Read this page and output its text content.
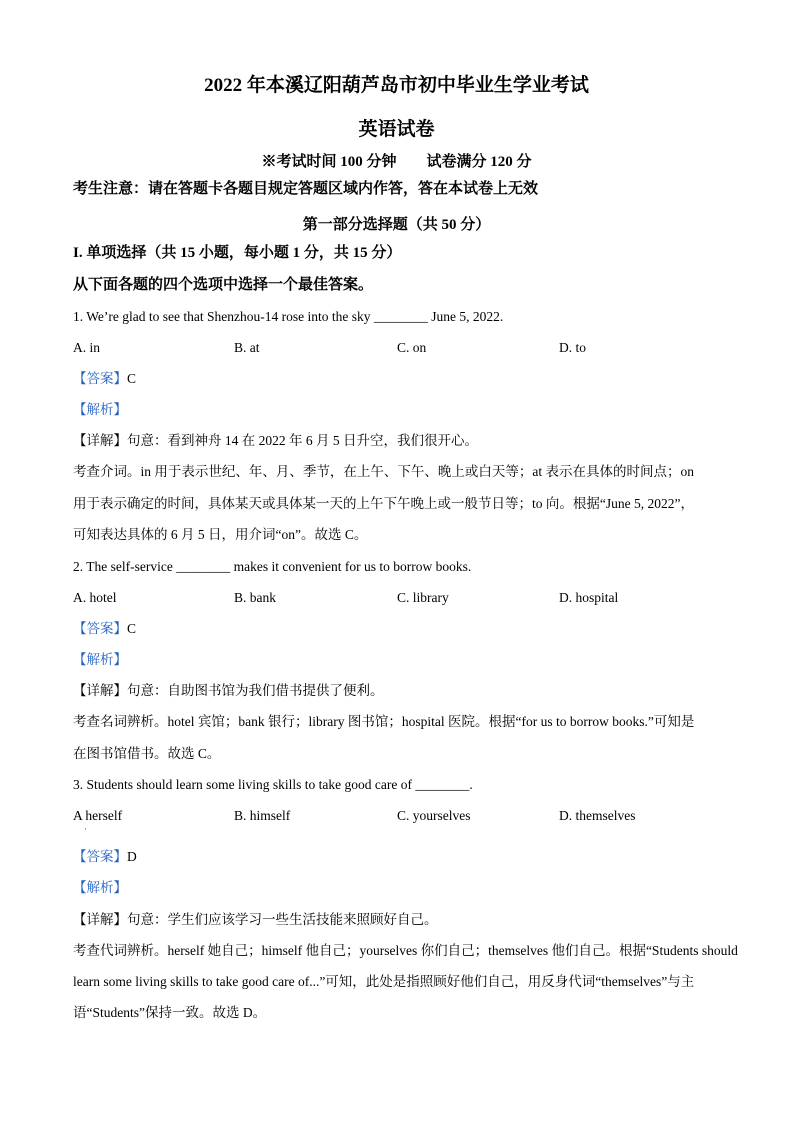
2022 年本溪辽阳葫芦岛市初中毕业生学业考试
英语试卷
※考试时间 100 分钟　　试卷满分 120 分
考生注意：请在答题卡各题目规定答题区域内作答，答在本试卷上无效
第一部分选择题（共 50 分）
I. 单项选择（共 15 小题，每小题 1 分，共 15 分）
从下面各题的四个选项中选择一个最佳答案。
1. We’re glad to see that Shenzhou-14 rose into the sky ________ June 5, 2022.
A. in	B. at	C. on	D. to
【答案】C
【解析】
【详解】句意：看到神舟 14 在 2022 年 6 月 5 日升空，我们很开心。
考查介词。in 用于表示世纪、年、月、季节，在上午、下午、晚上或白天等；at 表示在具体的时间点；on
用于表示确定的时间，具体某天或具体某一天的上午下午晚上或一般节日等；to 向。根据“June 5, 2022”，
可知表达具体的 6 月 5 日，用介词“on”。故选 C。
2. The self-service ________ makes it convenient for us to borrow books.
A. hotel	B. bank	C. library	D. hospital
【答案】C
【解析】
【详解】句意：自助图书馆为我们借书提供了便利。
考查名词辨析。hotel 宾馆；bank 银行；library 图书馆；hospital 医院。根据“for us to borrow books.”可知是
在图书馆借书。故选 C。
3. Students should learn some living skills to take good care of ________.
A herself
·
B. himself	C. yourselves	D. themselves
【答案】D
【解析】
【详解】句意：学生们应该学习一些生活技能来照顾好自己。
考查代词辨析。herself 她自己；himself 他自己；yourselves 你们自己；themselves 他们自己。根据“Students should
learn some living skills to take good care of...”可知，此处是指照顾好他们自己，用反身代词“themselves”与主
语“Students”保持一致。故选 D。
